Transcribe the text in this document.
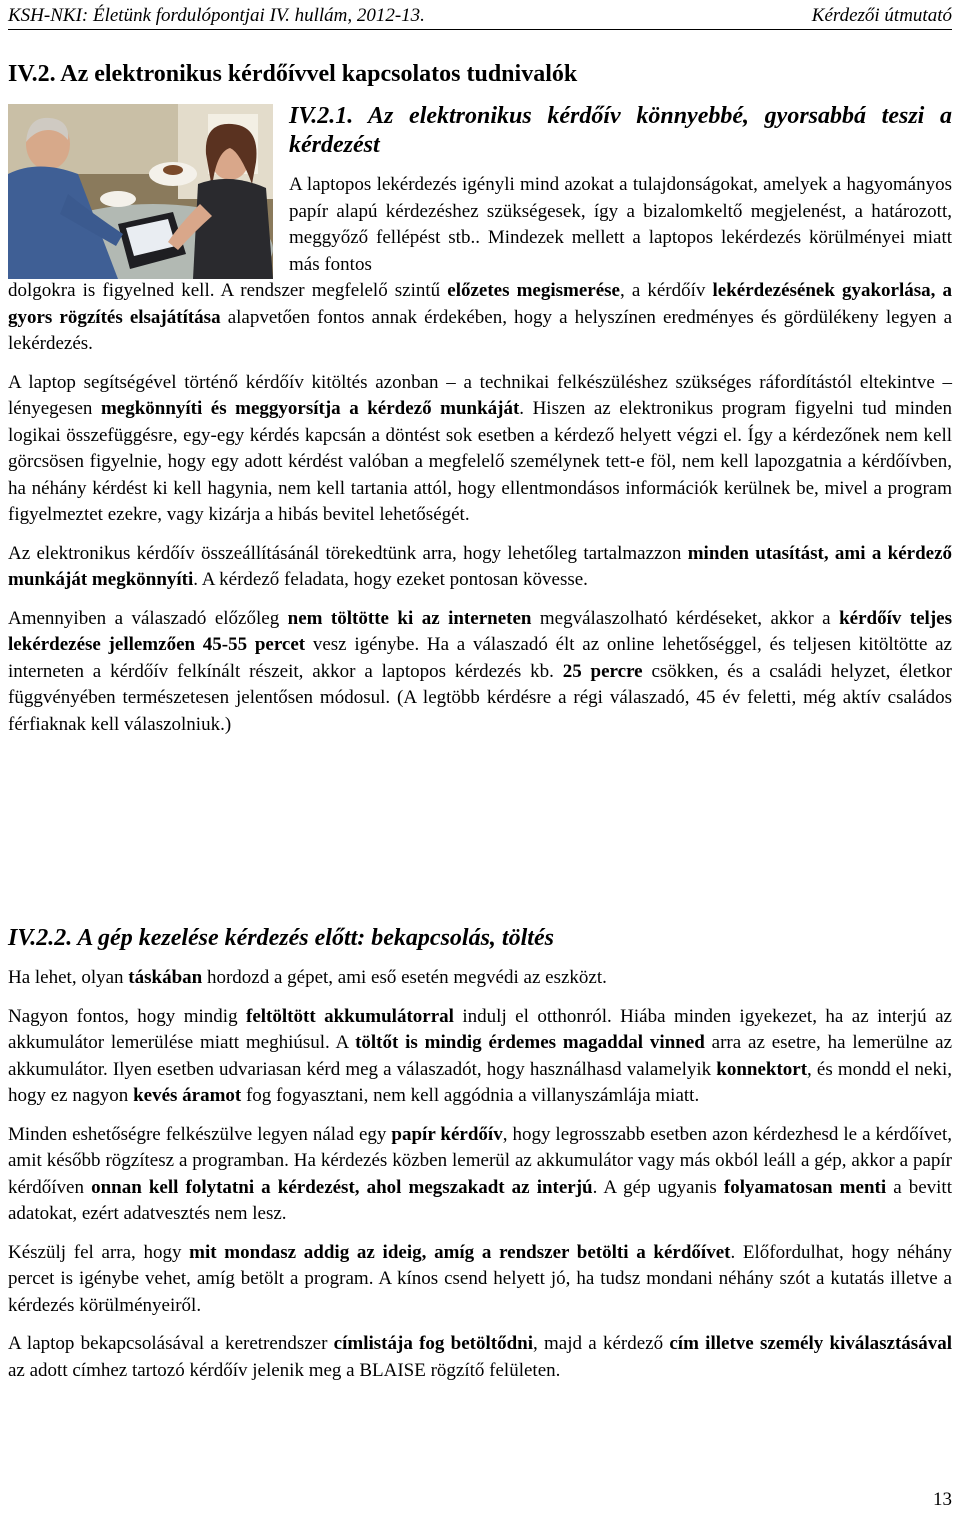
KSH-NKI: Életünk fordulópontjai IV. hullám, 2012-13.	Kérdezői útmutató
IV.2. Az elektronikus kérdőívvel kapcsolatos tudnivalók
IV.2.1. Az elektronikus kérdőív könnyebbé, gyorsabbá teszi a kérdezést

A laptopos lekérdezés igényli mind azokat a tulajdonságokat, amelyek a hagyományos papír alapú kérdezéshez szükségesek, így a bizalomkeltő megjelenést, a határozott, meggyőző fellépést stb.. Mindezek mellett a laptopos lekérdezés körülményei miatt más fontos

dolgokra is figyelned kell. A rendszer megfelelő szintű előzetes megismerése, a kérdőív lekérdezésének gyakorlása, a gyors rögzítés elsajátítása alapvetően fontos annak érdekében, hogy a helyszínen eredményes és gördülékeny legyen a lekérdezés.

A laptop segítségével történő kérdőív kitöltés azonban – a technikai felkészüléshez szükséges ráfordítástól eltekintve – lényegesen megkönnyíti és meggyorsítja a kérdező munkáját. Hiszen az elektronikus program figyelni tud minden logikai összefüggésre, egy-egy kérdés kapcsán a döntést sok esetben a kérdező helyett végzi el. Így a kérdezőnek nem kell görcsösen figyelnie, hogy egy adott kérdést valóban a megfelelő személynek tett-e föl, nem kell lapozgatnia a kérdőívben, ha néhány kérdést ki kell hagynia, nem kell tartania attól, hogy ellentmondásos információk kerülnek be, mivel a program figyelmeztet ezekre, vagy kizárja a hibás bevitel lehetőségét.

Az elektronikus kérdőív összeállításánál törekedtünk arra, hogy lehetőleg tartalmazzon minden utasítást, ami a kérdező munkáját megkönnyíti. A kérdező feladata, hogy ezeket pontosan kövesse.

Amennyiben a válaszadó előzőleg nem töltötte ki az interneten megválaszolható kérdéseket, akkor a kérdőív teljes lekérdezése jellemzően 45-55 percet vesz igénybe. Ha a válaszadó élt az online lehetőséggel, és teljesen kitöltötte az interneten a kérdőív felkínált részeit, akkor a laptopos kérdezés kb. 25 percre csökken, és a családi helyzet, életkor függvényében természetesen jelentősen módosul. (A legtöbb kérdésre a régi válaszadó, 45 év feletti, még aktív családos férfiaknak kell válaszolniuk.)

IV.2.2. A gép kezelése kérdezés előtt: bekapcsolás, töltés

Ha lehet, olyan táskában hordozd a gépet, ami eső esetén megvédi az eszközt.

Nagyon fontos, hogy mindig feltöltött akkumulátorral indulj el otthonról. Hiába minden igyekezet, ha az interjú az akkumulátor lemerülése miatt meghiúsul. A töltőt is mindig érdemes magaddal vinned arra az esetre, ha lemerülne az akkumulátor. Ilyen esetben udvariasan kérd meg a válaszadót, hogy használhasd valamelyik konnektort, és mondd el neki, hogy ez nagyon kevés áramot fog fogyasztani, nem kell aggódnia a villanyszámlája miatt.

Minden eshetőségre felkészülve legyen nálad egy papír kérdőív, hogy legrosszabb esetben azon kérdezhesd le a kérdőívet, amit később rögzítesz a programban. Ha kérdezés közben lemerül az akkumulátor vagy más okból leáll a gép, akkor a papír kérdőíven onnan kell folytatni a kérdezést, ahol megszakadt az interjú. A gép ugyanis folyamatosan menti a bevitt adatokat, ezért adatvesztés nem lesz.

Készülj fel arra, hogy mit mondasz addig az ideig, amíg a rendszer betölti a kérdőívet. Előfordulhat, hogy néhány percet is igénybe vehet, amíg betölt a program. A kínos csend helyett jó, ha tudsz mondani néhány szót a kutatás illetve a kérdezés körülményeiről.

A laptop bekapcsolásával a keretrendszer címlistája fog betöltődni, majd a kérdező cím illetve személy kiválasztásával az adott címhez tartozó kérdőív jelenik meg a BLAISE rögzítő felületen.

13
